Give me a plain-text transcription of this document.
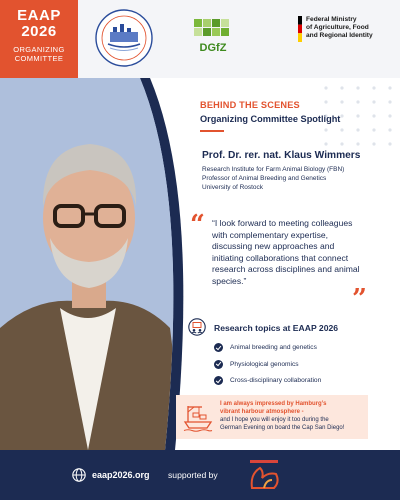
EAAP
2026
ORGANIZING
COMMITTEE
DGfZ
Federal Ministry
of Agriculture, Food
and Regional Identity
BEHIND THE SCENES
Organizing Committee Spotlight
Prof. Dr. rer. nat. Klaus Wimmers
Research Institute for Farm Animal Biology (FBN)
Professor of Animal Breeding and Genetics
University of Rostock
“ “I look forward to meeting colleagues with complementary expertise, discussing new approaches and initiating collaborations that connect research across disciplines and animal species.”
”
Research topics at EAAP 2026
Animal breeding and genetics
Physiological genomics
Cross-disciplinary collaboration
I am always impressed by Hamburg’s
vibrant harbour atmosphere -
and I hope you will enjoy it too during the
German Evening on board the Cap San Diego!
eaap2026.org supported by
